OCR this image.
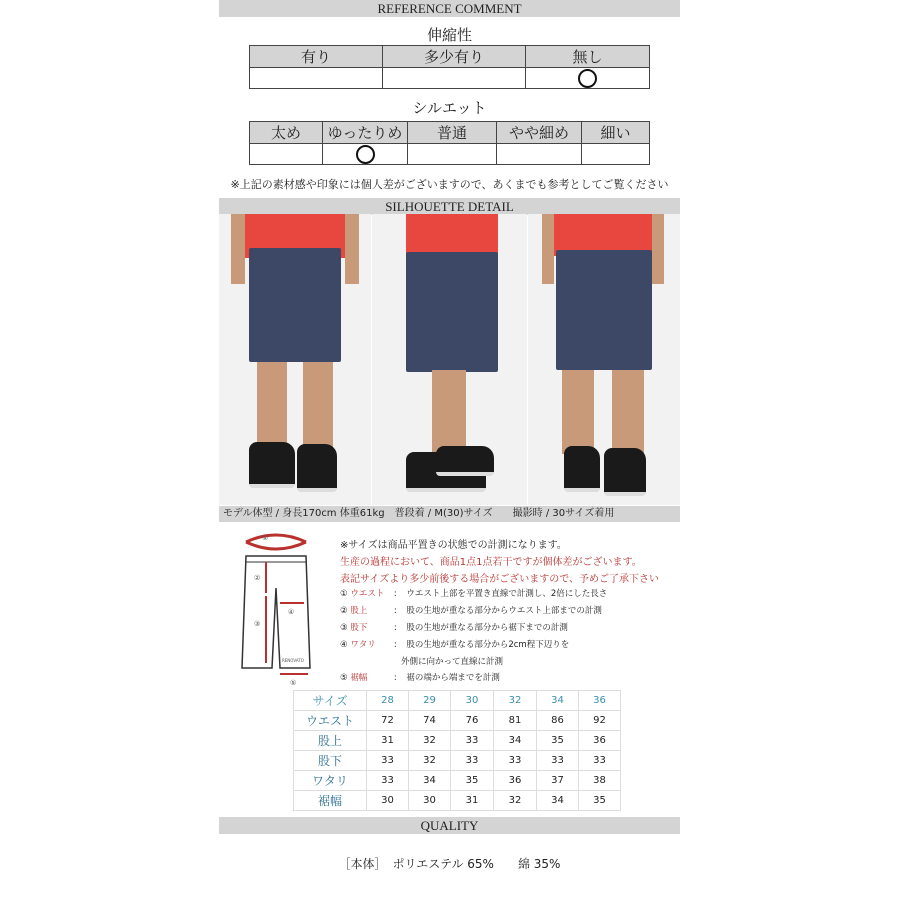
REFERENCE COMMENT
伸縮性
有り	多少有り	無し

シルエット
太め	ゆったりめ	普通	やや細め	細い

※上記の素材感や印象には個人差がございますので、あくまでも参考としてご覧ください
SILHOUETTE DETAIL
モデル体型 / 身長170cm 体重61kg　普段着 / M(30)サイズ　　撮影時 / 30サイズ着用
①
②
③
④
⑤
RENOVATO
※サイズは商品平置きの状態での計測になります。
生産の過程において、商品1点1点若干ですが個体差がございます。
表記サイズより多少前後する場合がございますので、予めご了承下さい
① ウエスト : ウエスト上部を平置き直線で計測し、2倍にした長さ
② 股上	: 股の生地が重なる部分からウエスト上部までの計測
③ 股下	: 股の生地が重なる部分から裾下までの計測
④ ワタリ : 股の生地が重なる部分から2cm程下辺りを
外側に向かって直線に計測
⑤ 裾幅	: 裾の端から端までを計測
サイズ	28	29	30	32	34	36
ウエスト	72	74	76	81	86	92
股上	31	32	33	34	35	36
股下	33	32	33	33	33	33
ワタリ	33	34	35	36	37	38
裾幅	30	30	31	32	34	35
QUALITY
［本体］　ポリエステル 65%　　綿 35%
